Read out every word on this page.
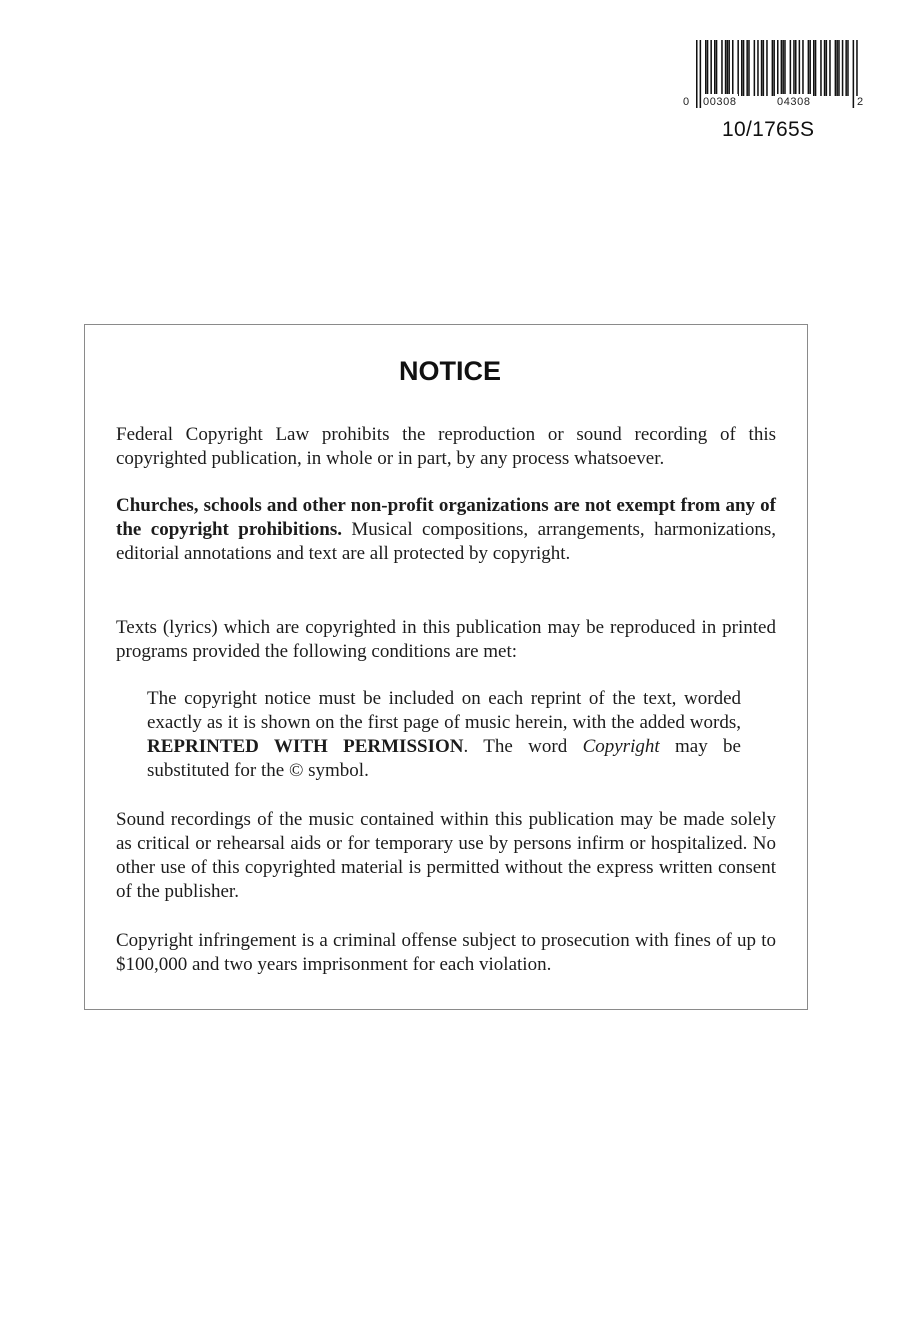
0 00308	04308	2
10/1765S
NOTICE

Federal Copyright Law prohibits the reproduction or sound recording of this copyrighted publication, in whole or in part, by any process whatsoever.

Churches, schools and other non-profit organizations are not exempt from any of the copyright prohibitions. Musical compositions, arrangements, harmonizations, editorial annotations and text are all protected by copyright.

Texts (lyrics) which are copyrighted in this publication may be reproduced in printed programs provided the following conditions are met:

The copyright notice must be included on each reprint of the text, worded exactly as it is shown on the first page of music herein, with the added words, REPRINTED WITH PERMISSION. The word Copyright may be substituted for the © symbol.

Sound recordings of the music contained within this publication may be made solely as critical or rehearsal aids or for temporary use by persons infirm or hospitalized. No other use of this copyrighted material is permitted without the express written consent of the publisher.

Copyright infringement is a criminal offense subject to prosecution with fines of up to $100,000 and two years imprisonment for each violation.
